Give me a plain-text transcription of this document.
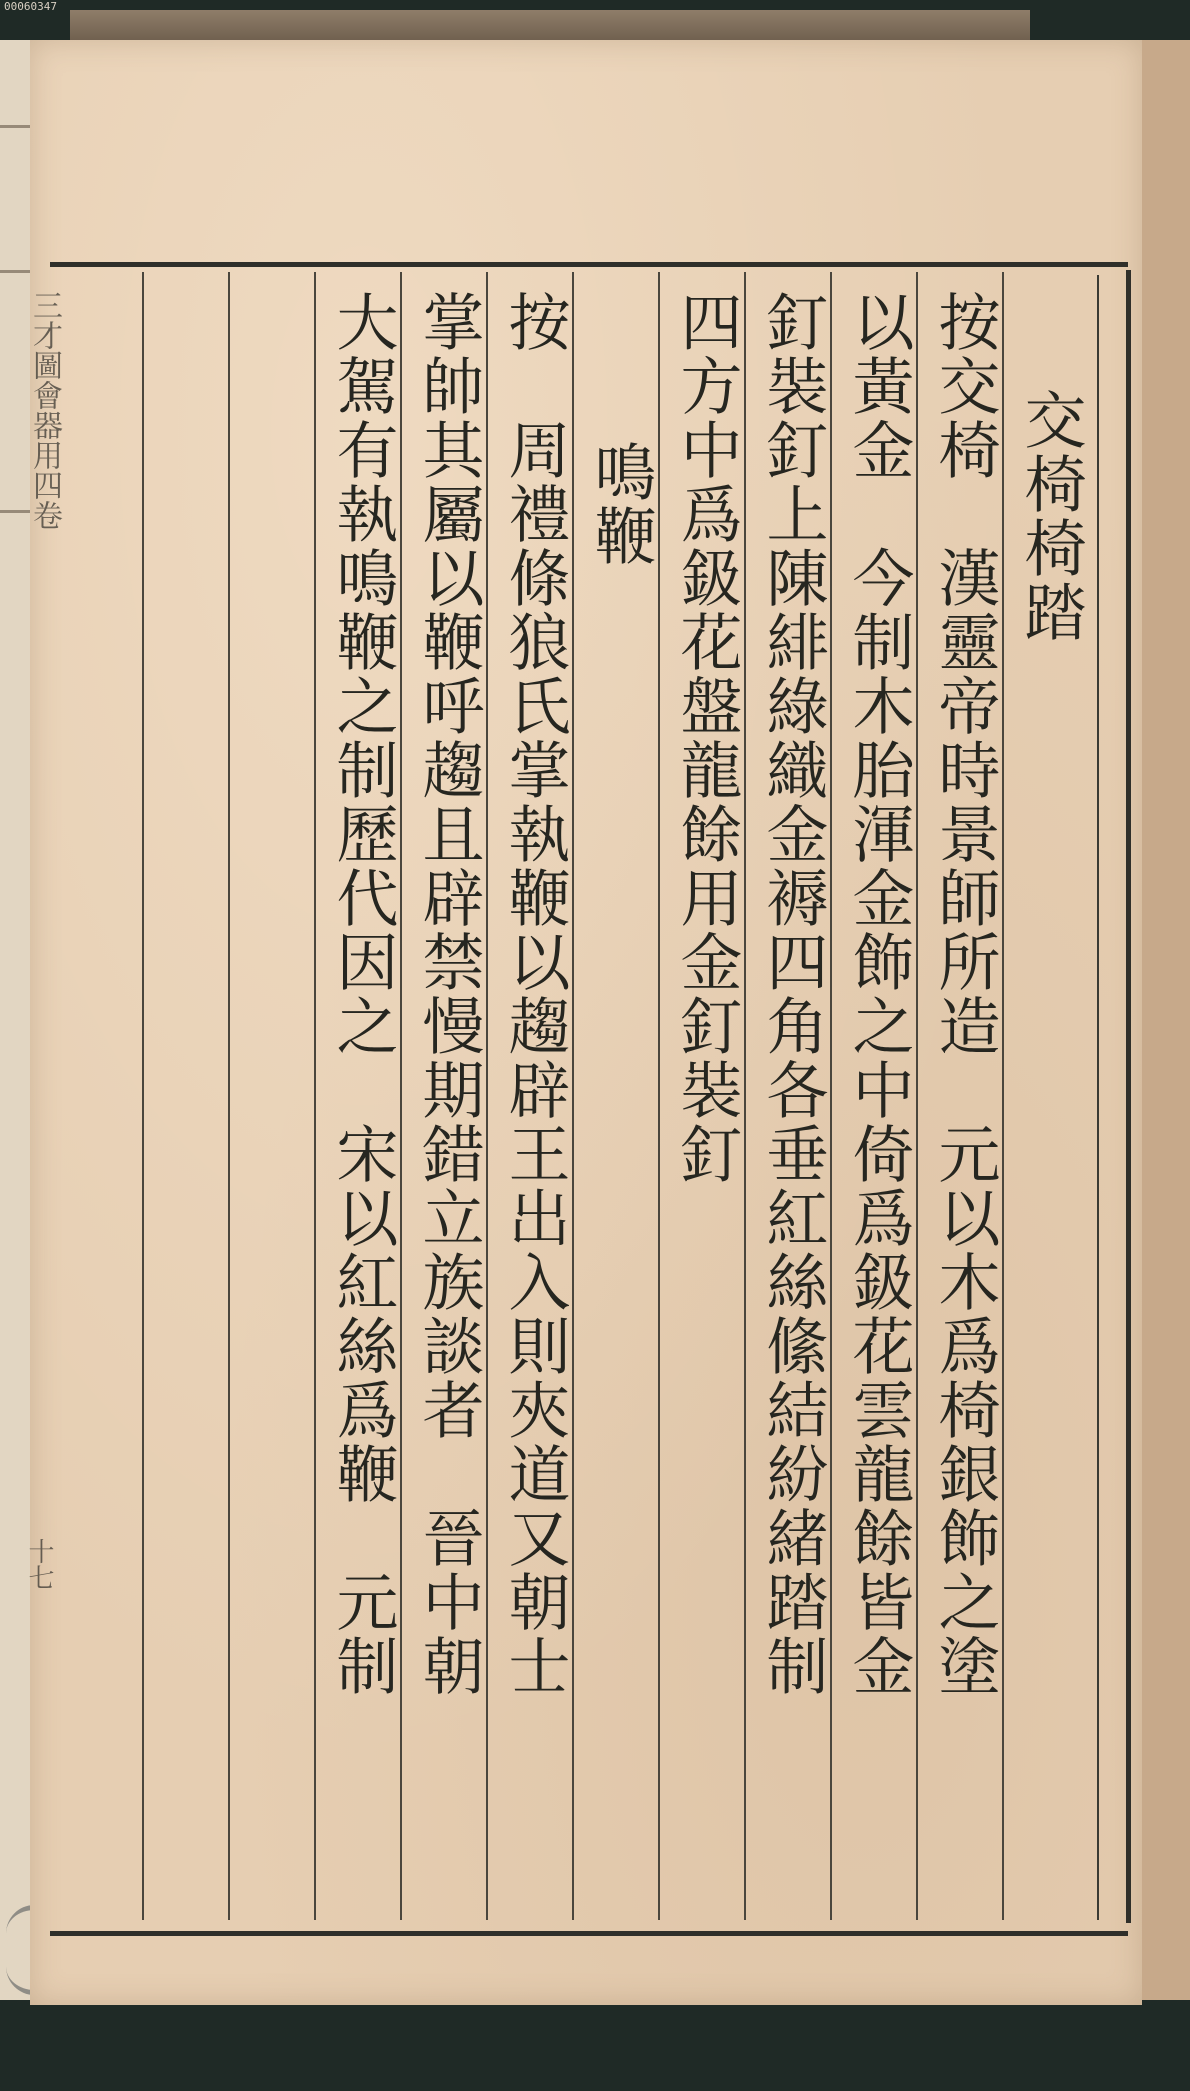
00060347
三才圖會器用四卷
十七
交椅椅踏
按交椅　漢靈帝時景師所造　元以木爲椅銀飾之塗
以黃金　今制木胎渾金飾之中倚爲鈒花雲龍餘皆金
釘裝釘上陳緋綠織金褥四角各垂紅絲絛結紛緒踏制
四方中爲鈒花盤龍餘用金釘裝釘
鳴鞭
按　周禮條狼氏掌執鞭以趨辟王出入則夾道又朝士
掌帥其屬以鞭呼趨且辟禁慢期錯立族談者　晉中朝
大駕有執鳴鞭之制歷代因之　宋以紅絲爲鞭　元制
